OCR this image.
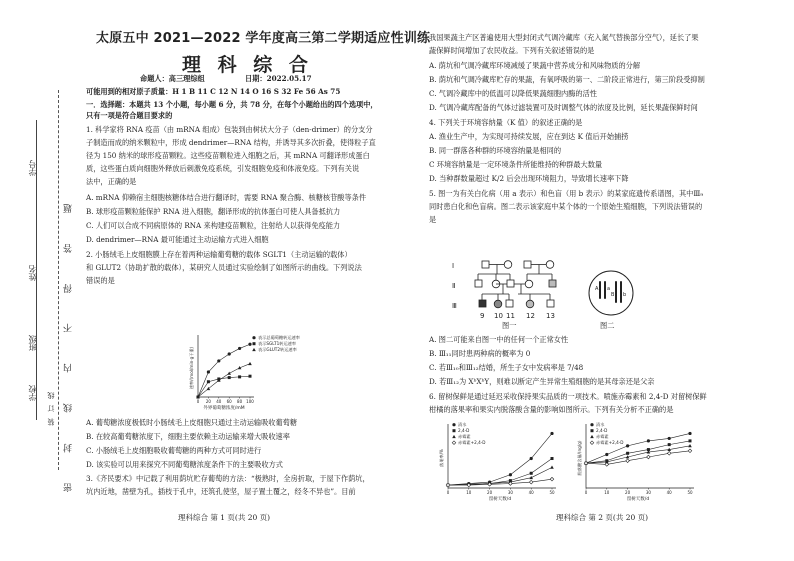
学校
班级
姓名
学号
密 封 线 内 不 得 答 题
装 订 线
太原五中 2021—2022 学年度高三第二学期适应性训练
理 科 综 合
命题人：高三理综组	日期：2022.05.17
可能用到的相对原子质量：H 1 B 11 C 12 N 14 O 16 S 32 Fe 56 As 75
一．选择题：本题共 13 个小题，每小题 6 分，共 78 分，在每个小题给出的四个选项中，
只有一项是符合题目要求的
1. 科学家将 RNA 疫苗（由 mRNA 组成）包装到由树状大分子（den-drimer）的分支分
子制造而成的纳米颗粒中，形成 dendrimer—RNA 结构，并诱导其多次折叠，使得粒子直
径为 150 纳米的球形疫苗颗粒。这些疫苗颗粒进入细胞之后，其 mRNA 可翻译形成蛋白
质，这些蛋白质向细胞外释放后刺激免疫系统，引发细胞免疫和体液免疫。下列有关说
法中，正确的是
A. mRNA 仰赖宿主细胞核糖体结合进行翻译时，需要 RNA 聚合酶、核糖核苷酸等条件
B. 球形疫苗颗粒能保护 RNA 进入细胞，翻译形成的抗体蛋白可使人具备抵抗力
C. 人们可以合成不同病原体的 RNA 来构建疫苗颗粒，注射给人以获得免疫能力
D. dendrimer—RNA 最可能通过主动运输方式进入细胞
2. 小肠绒毛上皮细胞膜上存在着两种运输葡萄糖的载体 SGLT1（主动运输的载体）
和 GLUT2（协助扩散的载体），某研究人员通过实验绘制了如图所示的曲线。下列说法
错误的是
0 20 40 60 80 100
外界葡萄糖浓度/mM
速率/(mol/min·g干重)
表示总葡萄糖转运速率
表示SGLT1转运速率
表示GLUT2转运速率
A. 葡萄糖浓度极低时小肠绒毛上皮细胞只通过主动运输吸收葡萄糖
B. 在较高葡萄糖浓度下，细胞主要依赖主动运输来增大吸收速率
C. 小肠绒毛上皮细胞吸收葡萄糖的两种方式可同时进行
D. 该实验可以用来探究不同葡萄糖浓度条件下的主要吸收方式
3.《齐民要术》中记载了利用荫坑贮存葡萄的方法：“极熟时，全房折取，于屋下作荫坑，
坑内近地，凿壁为孔，插枝于孔中，还筑孔使坚，屋子置土覆之，经冬不异也”。目前
我国果蔬主产区普遍使用大型封闭式气调冷藏库（充入氮气替换部分空气），延长了果
蔬保鲜时间增加了农民收益。下列有关叙述错误的是
A. 荫坑和气调冷藏库环境减缓了果蔬中营养成分和风味物质的分解
B. 荫坑和气调冷藏库贮存的果蔬，有氧呼吸的第一、二阶段正常进行，第三阶段受抑制
C. 气调冷藏库中的低温可以降低果蔬细胞内酶的活性
D. 气调冷藏库配备的气体过滤装置可及时调整气体的浓度及比例，延长果蔬保鲜时间
4. 下列关于环境容纳量（K 值）的叙述正确的是
A. 渔业生产中，为实现可持续发展，应在到达 K 值后开始捕捞
B. 同一群落各种群的环境容纳量是相同的
C 环境容纳量是一定环境条件所能维持的种群最大数量
D. 当种群数量超过 K/2 后会出现环境阻力，导致增长速率下降
5. 图一为有关白化病（用 a 表示）和色盲（用 b 表示）的某家庭遗传系谱图，其中Ⅲ₉
同时患白化和色盲病。图二表示该家庭中某个体的一个原始生殖细胞，下列说法错误的
是
Ⅰ
Ⅱ
Ⅲ
9 10 11 12 13
图一
A a
B b
图二
A. 图二可能来自图一中的任何一个正常女性
B. Ⅲ₁₁同时患两种病的概率为 0
C. 若Ⅲ₁₀和Ⅲ₁₂结婚，所生子女中发病率是 7/48
D. 若Ⅲ₁₂为 XᵇXᵇY，则难以断定产生异常生殖细胞的是其母亲还是父亲
6. 留树保鲜是通过延迟采收保持果实品质的一项技术。喷施赤霉素和 2,4-D 对留树保鲜
柑橘的落果率和果实内脱落酸含量的影响如图所示。下列有关分析不正确的是
0	10	20	30	40	50
留树天数/d
落果率/%
清水
2,4-D
赤霉素
赤霉素+2,4-D
0	10	20	30	40	50
留树天数/d
脱落酸含量/(ng/g)
清水
2,4-D
赤霉素
赤霉素+2,4-D
理科综合 第 1 页(共 20 页)	理科综合 第 2 页(共 20 页)
